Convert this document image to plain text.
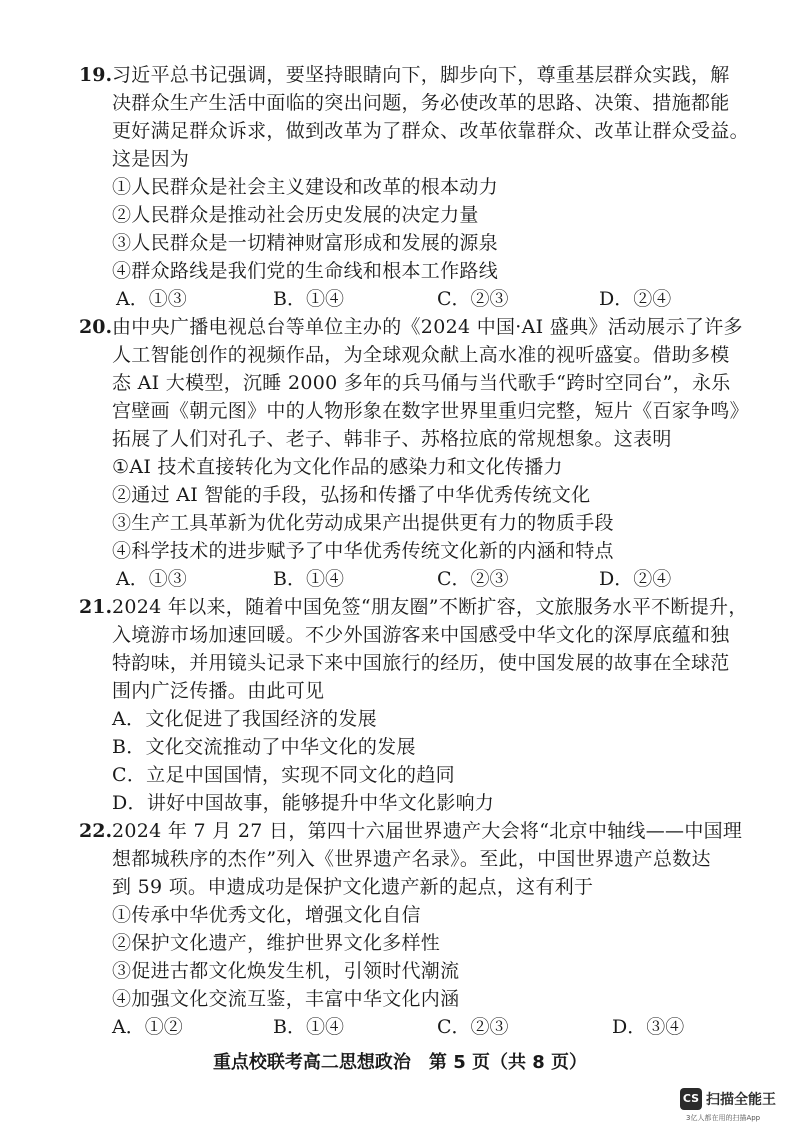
19. 习近平总书记强调，要坚持眼睛向下，脚步向下，尊重基层群众实践，解
决群众生产生活中面临的突出问题，务必使改革的思路、决策、措施都能
更好满足群众诉求，做到改革为了群众、改革依靠群众、改革让群众受益。
这是因为
①人民群众是社会主义建设和改革的根本动力
②人民群众是推动社会历史发展的决定力量
③人民群众是一切精神财富形成和发展的源泉
④群众路线是我们党的生命线和根本工作路线
A．①③	B．①④	C．②③	D．②④
20. 由中央广播电视总台等单位主办的《2024 中国·AI 盛典》活动展示了许多
人工智能创作的视频作品，为全球观众献上高水准的视听盛宴。借助多模
态 AI 大模型，沉睡 2000 多年的兵马俑与当代歌手“跨时空同台”，永乐
宫壁画《朝元图》中的人物形象在数字世界里重归完整，短片《百家争鸣》
拓展了人们对孔子、老子、韩非子、苏格拉底的常规想象。这表明
①AI 技术直接转化为文化作品的感染力和文化传播力
②通过 AI 智能的手段，弘扬和传播了中华优秀传统文化
③生产工具革新为优化劳动成果产出提供更有力的物质手段
④科学技术的进步赋予了中华优秀传统文化新的内涵和特点
A．①③	B．①④	C．②③	D．②④
21. 2024 年以来，随着中国免签“朋友圈”不断扩容，文旅服务水平不断提升，
入境游市场加速回暖。不少外国游客来中国感受中华文化的深厚底蕴和独
特韵味，并用镜头记录下来中国旅行的经历，使中国发展的故事在全球范
围内广泛传播。由此可见
A．文化促进了我国经济的发展
B．文化交流推动了中华文化的发展
C．立足中国国情，实现不同文化的趋同
D．讲好中国故事，能够提升中华文化影响力
22. 2024 年 7 月 27 日，第四十六届世界遗产大会将“北京中轴线——中国理
想都城秩序的杰作”列入《世界遗产名录》。至此，中国世界遗产总数达
到 59 项。申遗成功是保护文化遗产新的起点，这有利于
①传承中华优秀文化，增强文化自信
②保护文化遗产，维护世界文化多样性
③促进古都文化焕发生机，引领时代潮流
④加强文化交流互鉴，丰富中华文化内涵
A．①②	B．①④	C．②③	D．③④
重点校联考高二思想政治　第 5 页（共 8 页）
CS 扫描全能王
3亿人都在用的扫描App
